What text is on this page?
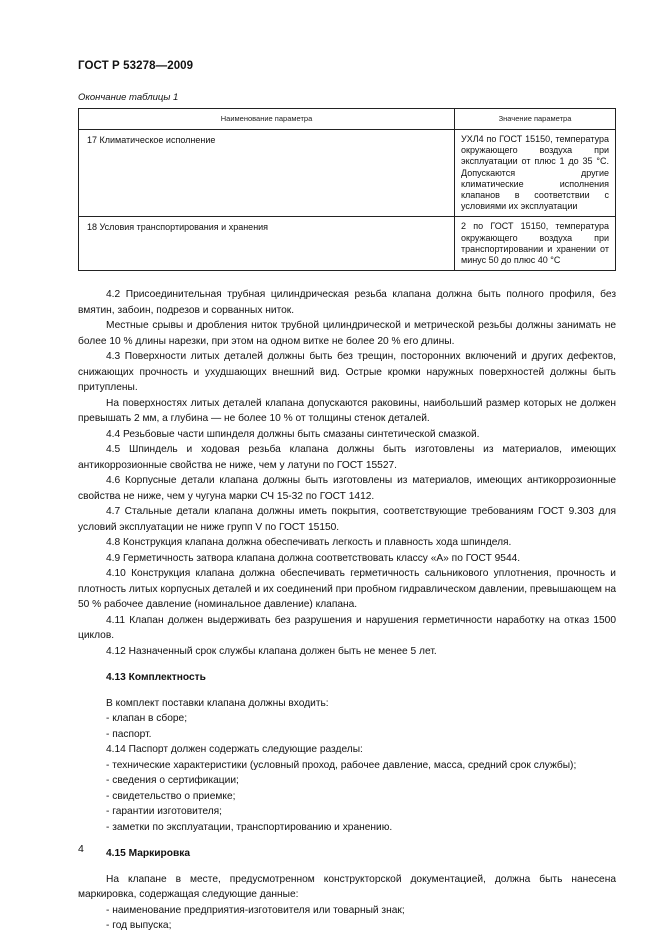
ГОСТ Р 53278—2009
Окончание таблицы 1
Наименование параметра	Значение параметра
17 Климатическое исполнение	УХЛ4 по ГОСТ 15150, температура окружающего воздуха при эксплуатации от плюс 1 до 35 °С. Допускаются другие климатические исполнения клапанов в соответствии с условиями их эксплуатации
18 Условия транспортирования и хранения	2 по ГОСТ 15150, температура окружающего воздуха при транспортировании и хранении от минус 50 до плюс 40 °С

4.2 Присоединительная трубная цилиндрическая резьба клапана должна быть полного профиля, без вмятин, забоин, подрезов и сорванных ниток.

Местные срывы и дробления ниток трубной цилиндрической и метрической резьбы должны занимать не более 10 % длины нарезки, при этом на одном витке не более 20 % его длины.

4.3 Поверхности литых деталей должны быть без трещин, посторонних включений и других дефектов, снижающих прочность и ухудшающих внешний вид. Острые кромки наружных поверхностей должны быть притуплены.

На поверхностях литых деталей клапана допускаются раковины, наибольший размер которых не должен превышать 2 мм, а глубина — не более 10 % от толщины стенок деталей.

4.4 Резьбовые части шпинделя должны быть смазаны синтетической смазкой.

4.5 Шпиндель и ходовая резьба клапана должны быть изготовлены из материалов, имеющих антикоррозионные свойства не ниже, чем у латуни по ГОСТ 15527.

4.6 Корпусные детали клапана должны быть изготовлены из материалов, имеющих антикоррозионные свойства не ниже, чем у чугуна марки СЧ 15-32 по ГОСТ 1412.

4.7 Стальные детали клапана должны иметь покрытия, соответствующие требованиям ГОСТ 9.303 для условий эксплуатации не ниже групп V по ГОСТ 15150.

4.8 Конструкция клапана должна обеспечивать легкость и плавность хода шпинделя.

4.9 Герметичность затвора клапана должна соответствовать классу «А» по ГОСТ 9544.

4.10 Конструкция клапана должна обеспечивать герметичность сальникового уплотнения, прочность и плотность литых корпусных деталей и их соединений при пробном гидравлическом давлении, превышающем на 50 % рабочее давление (номинальное давление) клапана.

4.11 Клапан должен выдерживать без разрушения и нарушения герметичности наработку на отказ 1500 циклов.

4.12 Назначенный срок службы клапана должен быть не менее 5 лет.

4.13 Комплектность

В комплект поставки клапана должны входить:

- клапан в сборе;

- паспорт.

4.14 Паспорт должен содержать следующие разделы:

- технические характеристики (условный проход, рабочее давление, масса, средний срок службы);

- сведения о сертификации;

- свидетельство о приемке;

- гарантии изготовителя;

- заметки по эксплуатации, транспортированию и хранению.

4.15 Маркировка

На клапане в месте, предусмотренном конструкторской документацией, должна быть нанесена маркировка, содержащая следующие данные:

- наименование предприятия-изготовителя или товарный знак;

- год выпуска;

4
